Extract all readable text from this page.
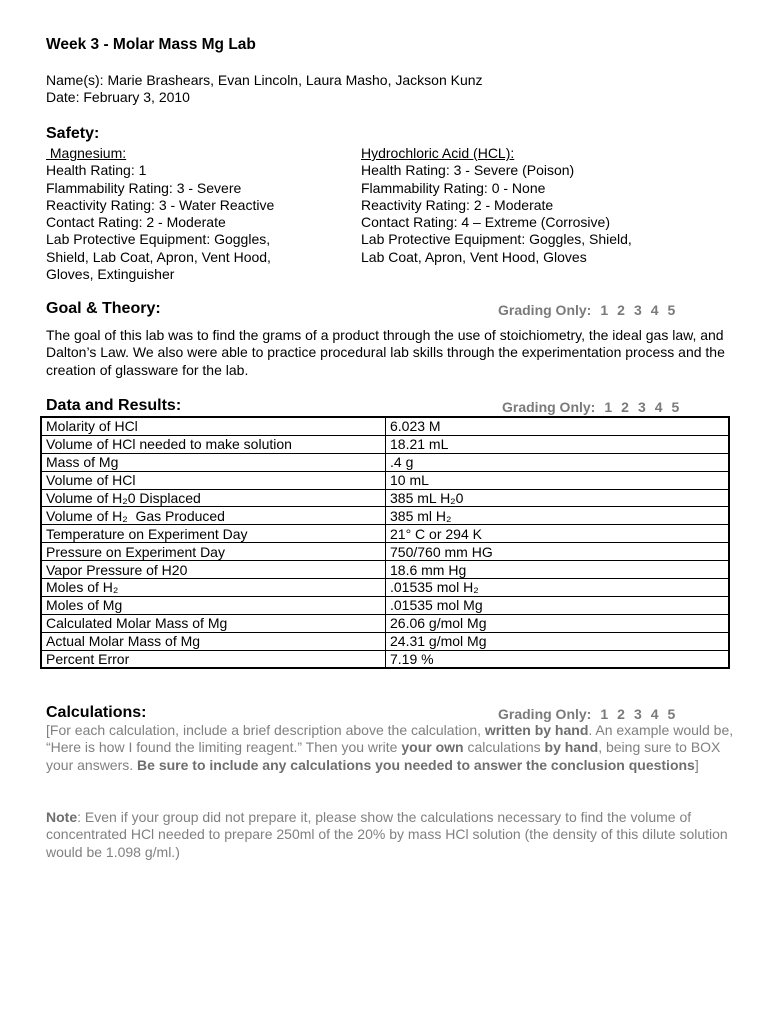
Week 3 - Molar Mass Mg Lab
Name(s): Marie Brashears, Evan Lincoln, Laura Masho, Jackson Kunz
Date: February 3, 2010
Safety:
Magnesium:
Health Rating: 1
Flammability Rating: 3 - Severe
Reactivity Rating: 3 - Water Reactive
Contact Rating: 2 - Moderate
Lab Protective Equipment: Goggles,
Shield, Lab Coat, Apron, Vent Hood,
Gloves, Extinguisher
Hydrochloric Acid (HCL):
Health Rating: 3 - Severe (Poison)
Flammability Rating: 0 - None
Reactivity Rating: 2 - Moderate
Contact Rating: 4 – Extreme (Corrosive)
Lab Protective Equipment: Goggles, Shield,
Lab Coat, Apron, Vent Hood, Gloves
Goal & Theory:	Grading Only: 1 2 3 4 5
The goal of this lab was to find the grams of a product through the use of stoichiometry, the ideal gas law, and Dalton’s Law. We also were able to practice procedural lab skills through the experimentation process and the creation of glassware for the lab.
Data and Results:	Grading Only: 1 2 3 4 5
Molarity of HCl	6.023 M
Volume of HCl needed to make solution	18.21 mL
Mass of Mg	.4 g
Volume of HCl	10 mL
Volume of H₂0 Displaced	385 mL H₂0
Volume of H₂  Gas Produced	385 ml H₂
Temperature on Experiment Day	21° C or 294 K
Pressure on Experiment Day	750/760 mm HG
Vapor Pressure of H20	18.6 mm Hg
Moles of H₂	.01535 mol H₂
Moles of Mg	.01535 mol Mg
Calculated Molar Mass of Mg	26.06 g/mol Mg
Actual Molar Mass of Mg	24.31 g/mol Mg
Percent Error	7.19 %
Calculations:	Grading Only: 1 2 3 4 5
[For each calculation, include a brief description above the calculation, written by hand. An example would be, “Here is how I found the limiting reagent.” Then you write your own calculations by hand, being sure to BOX your answers. Be sure to include any calculations you needed to answer the conclusion questions]
Note: Even if your group did not prepare it, please show the calculations necessary to find the volume of concentrated HCl needed to prepare 250ml of the 20% by mass HCl solution (the density of this dilute solution would be 1.098 g/ml.)
